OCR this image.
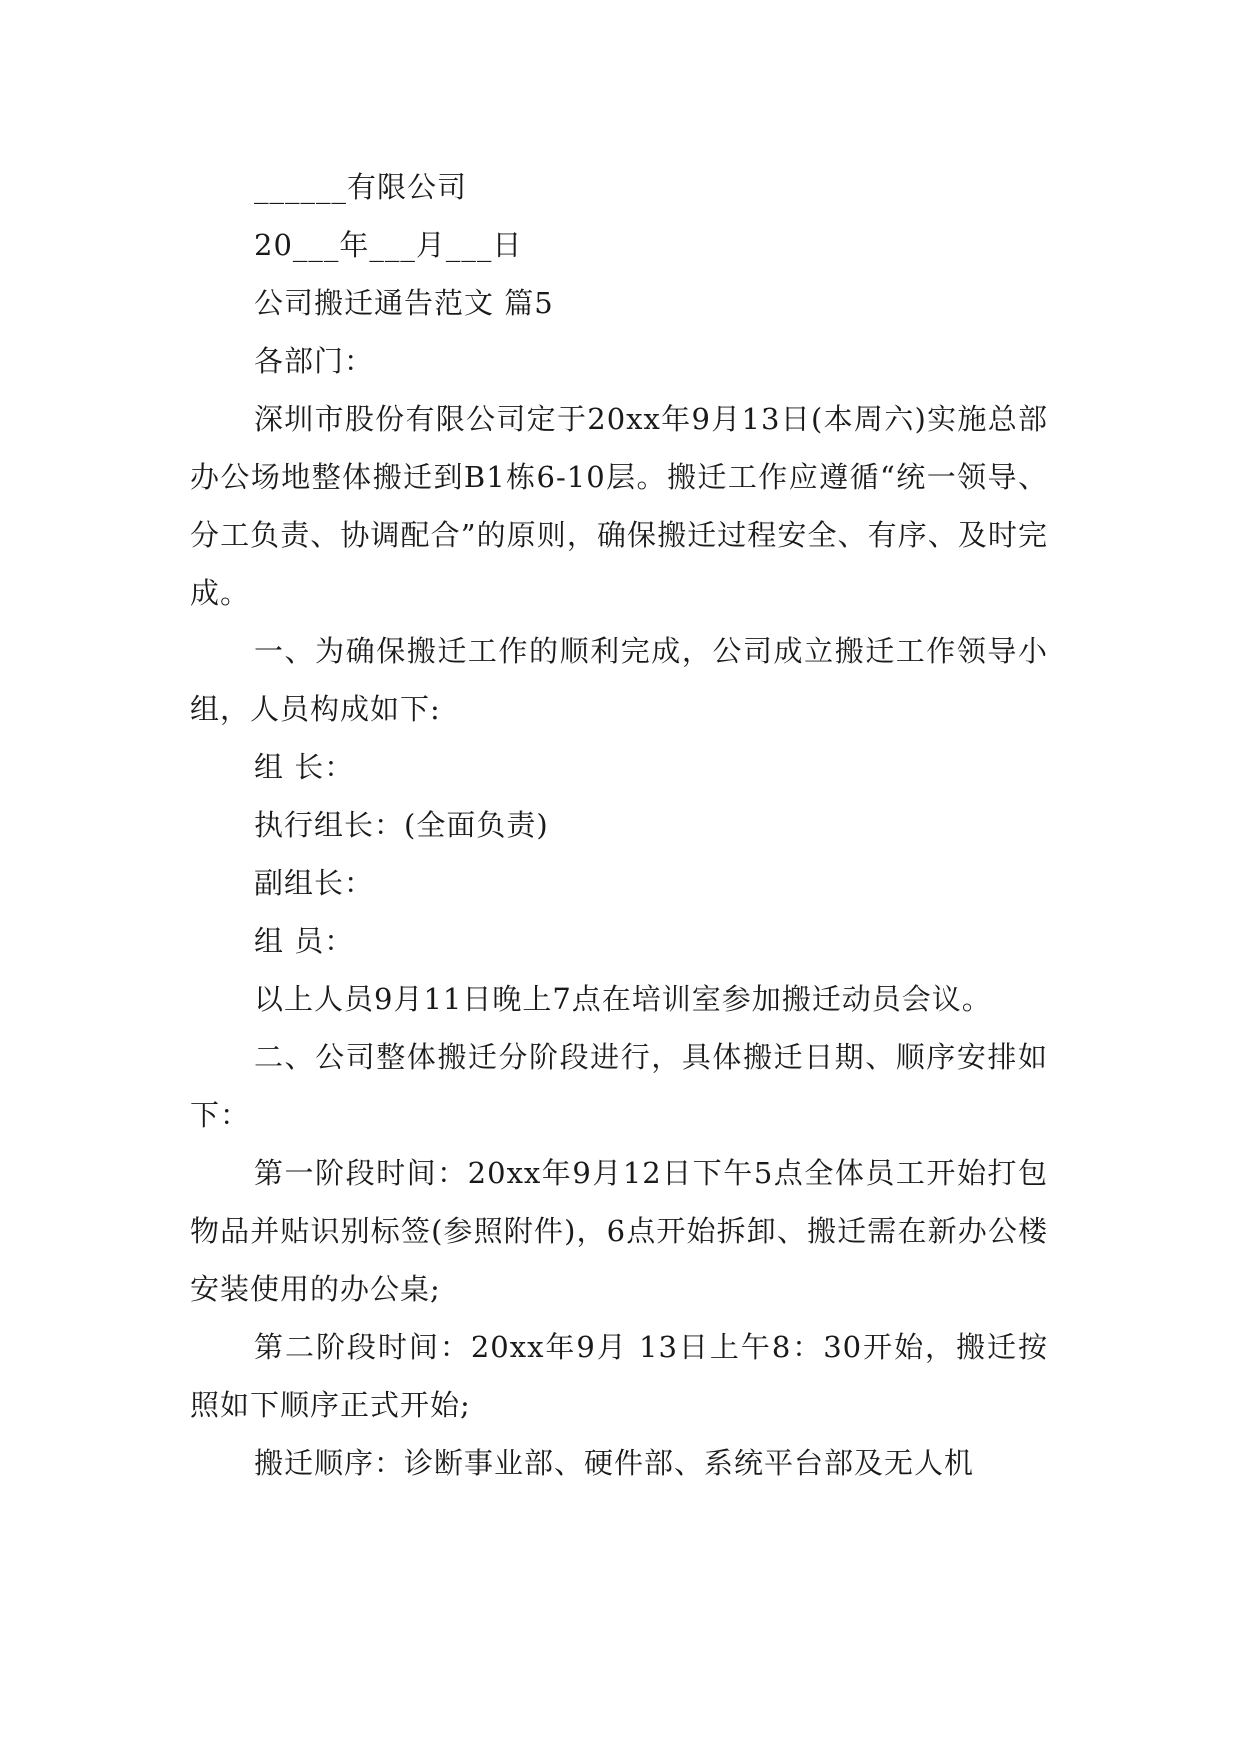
______有限公司

20___年___月___日

公司搬迁通告范文 篇5

各部门：

深圳市股份有限公司定于20xx年9月13日(本周六)实施总部办公场地整体搬迁到B1栋6-10层。搬迁工作应遵循“统一领导、分工负责、协调配合”的原则，确保搬迁过程安全、有序、及时完成。

一、为确保搬迁工作的顺利完成，公司成立搬迁工作领导小组，人员构成如下:

组 长：

执行组长：(全面负责)

副组长：

组 员：

以上人员9月11日晚上7点在培训室参加搬迁动员会议。

二、公司整体搬迁分阶段进行，具体搬迁日期、顺序安排如下：

第一阶段时间：20xx年9月12日下午5点全体员工开始打包物品并贴识别标签(参照附件)，6点开始拆卸、搬迁需在新办公楼安装使用的办公桌;

第二阶段时间：20xx年9月 13日上午8：30开始，搬迁按照如下顺序正式开始;

搬迁顺序：诊断事业部、硬件部、系统平台部及无人机
